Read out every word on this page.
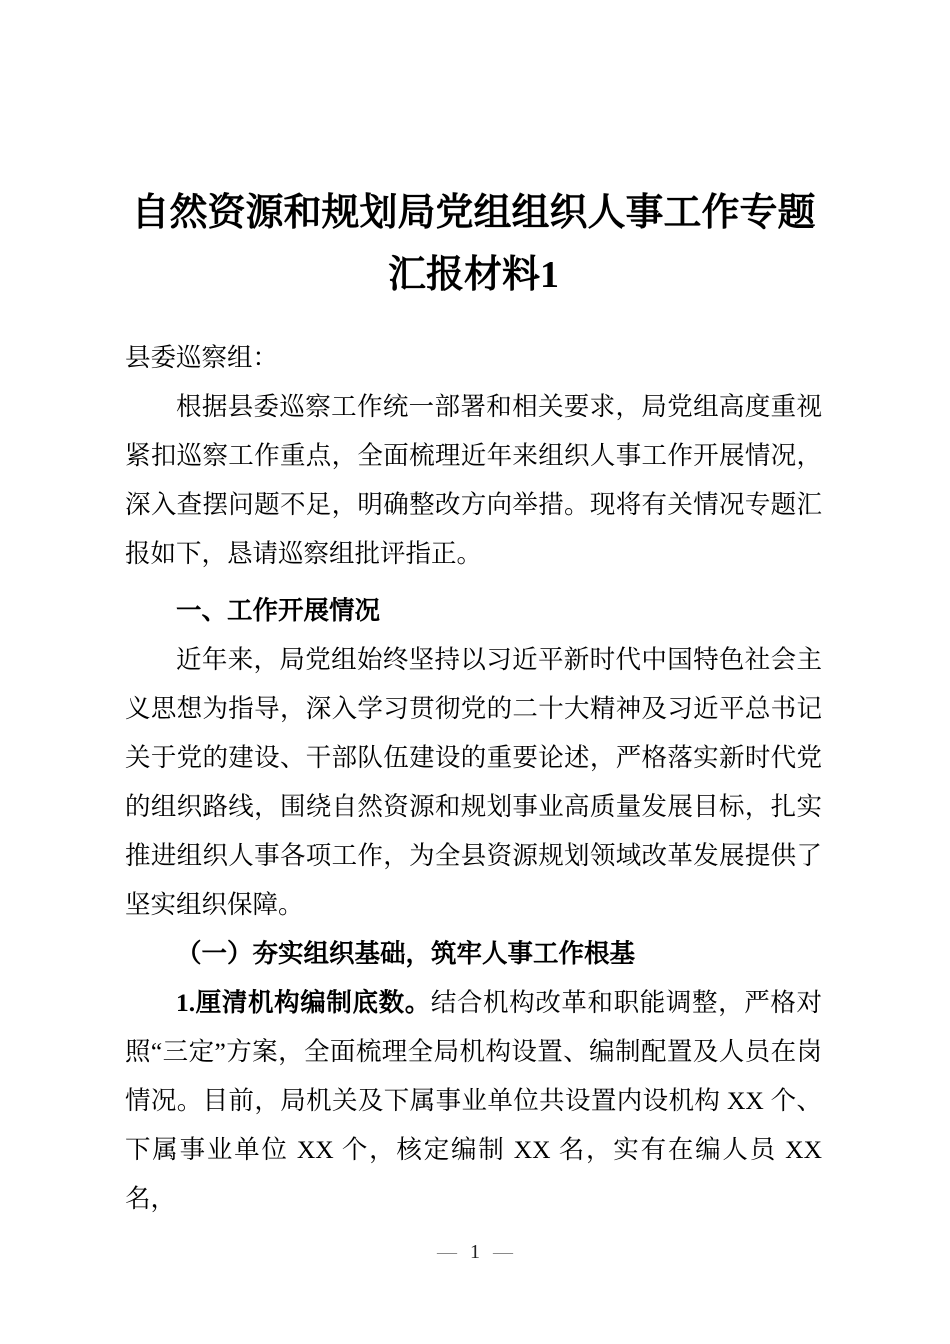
自然资源和规划局党组组织人事工作专题汇报材料1

县委巡察组：

根据县委巡察工作统一部署和相关要求，局党组高度重视紧扣巡察工作重点，全面梳理近年来组织人事工作开展情况，深入查摆问题不足，明确整改方向举措。现将有关情况专题汇报如下，恳请巡察组批评指正。

一、工作开展情况

近年来，局党组始终坚持以习近平新时代中国特色社会主义思想为指导，深入学习贯彻党的二十大精神及习近平总书记关于党的建设、干部队伍建设的重要论述，严格落实新时代党的组织路线，围绕自然资源和规划事业高质量发展目标，扎实推进组织人事各项工作，为全县资源规划领域改革发展提供了坚实组织保障。

（一）夯实组织基础，筑牢人事工作根基

1.厘清机构编制底数。结合机构改革和职能调整，严格对照“三定”方案，全面梳理全局机构设置、编制配置及人员在岗情况。目前，局机关及下属事业单位共设置内设机构 XX 个、下属事业单位 XX 个，核定编制 XX 名，实有在编人员 XX 名，

— 1 —
